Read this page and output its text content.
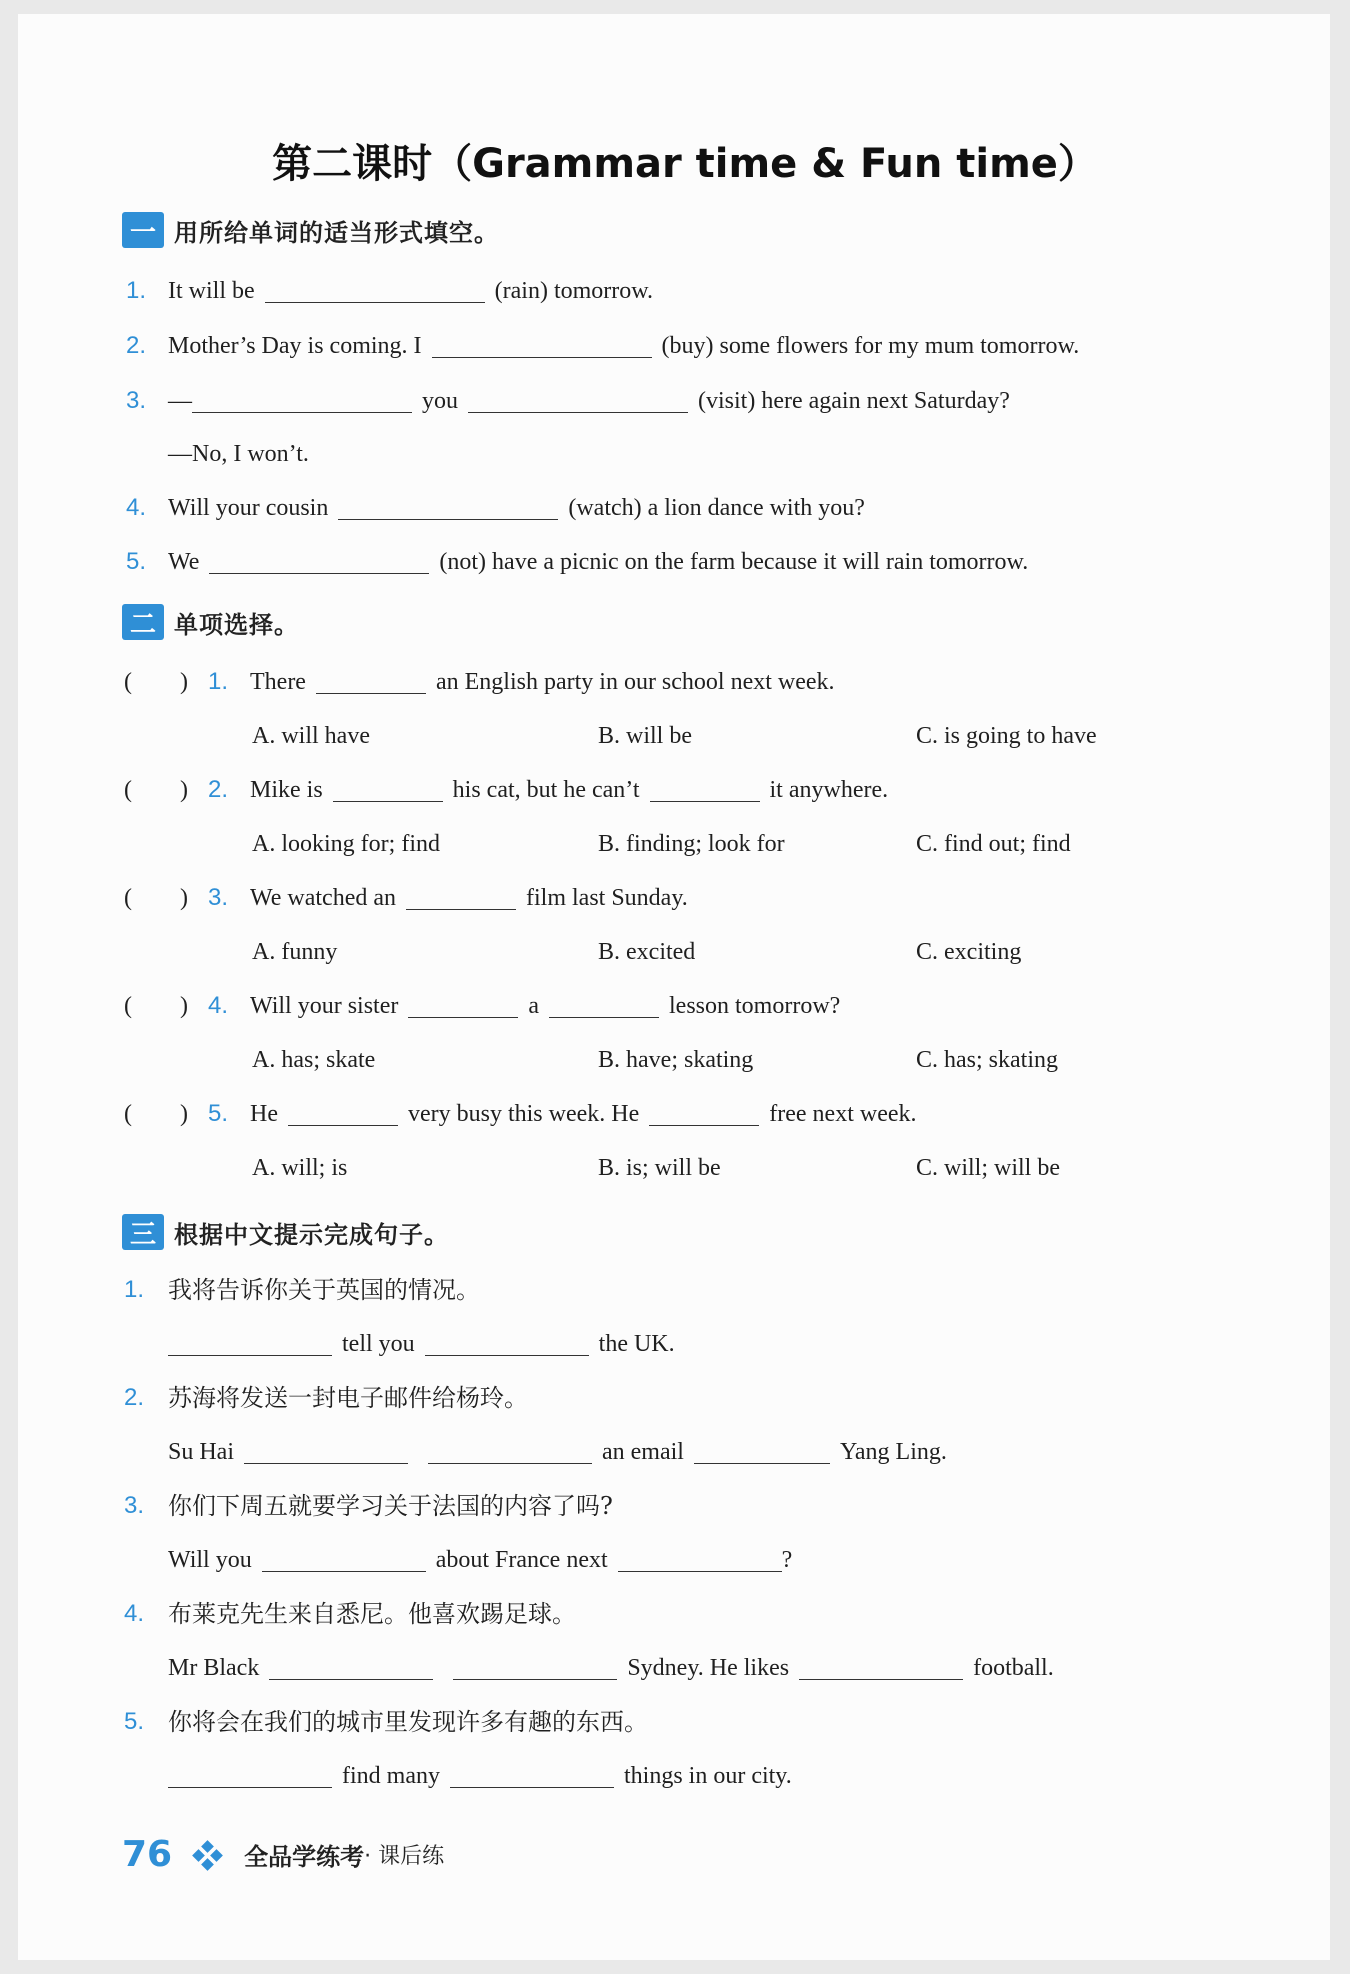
第二课时（Grammar time & Fun time）
一 用所给单词的适当形式填空。
1. It will be	(rain) tomorrow.
2. Mother’s Day is coming. I	(buy) some flowers for my mum tomorrow.
3. —	you	(visit) here again next Saturday?
—No, I won’t.
4. Will your cousin	(watch) a lion dance with you?
5. We	(not) have a picnic on the farm because it will rain tomorrow.
二 单项选择。
(　　) 1. There	an English party in our school next week.
A. will have	B. will be	C. is going to have
(　　) 2. Mike is	his cat, but he can’t	it anywhere.
A. looking for; find	B. finding; look for	C. find out; find
(　　) 3. We watched an	film last Sunday.
A. funny	B. excited	C. exciting
(　　) 4. Will your sister	a	lesson tomorrow?
A. has; skate	B. have; skating	C. has; skating
(　　) 5. He	very busy this week. He	free next week.
A. will; is	B. is; will be	C. will; will be
三 根据中文提示完成句子。
1. 我将告诉你关于英国的情况。
tell you	the UK.
2. 苏海将发送一封电子邮件给杨玲。
Su Hai	an email	Yang Ling.
3. 你们下周五就要学习关于法国的内容了吗?
Will you	about France next	?
4. 布莱克先生来自悉尼。他喜欢踢足球。
Mr Black	Sydney. He likes	football.
5. 你将会在我们的城市里发现许多有趣的东西。
find many	things in our city.
76	全品学练考 · 课后练
